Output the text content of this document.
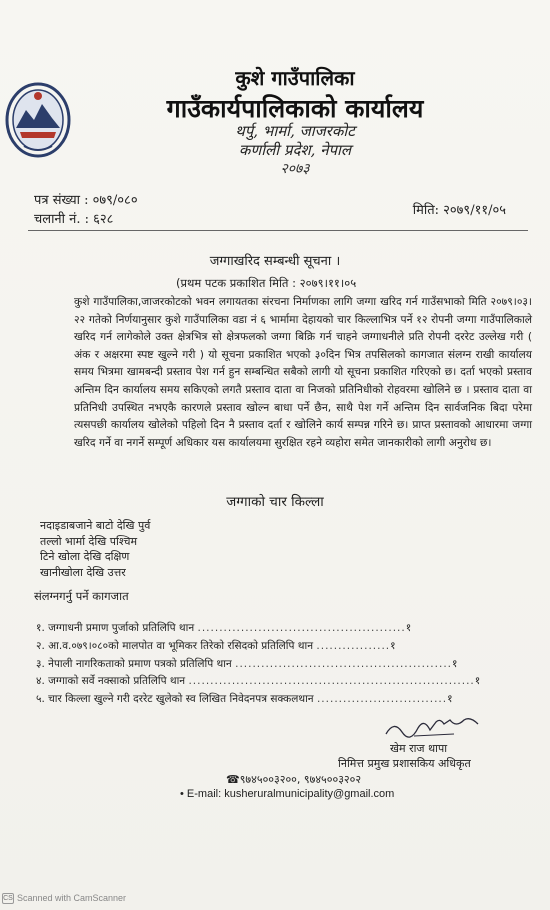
कुशे गाउँपालिका
गाउँकार्यपालिकाको कार्यालय
थर्पु, भार्मा, जाजरकोट
कर्णाली प्रदेश, नेपाल
२०७३
पत्र संख्या : ०७९/०८०
चलानी नं. : ६२८
मिति: २०७९/११/०५
जग्गाखरिद सम्बन्धी सूचना ।
(प्रथम पटक प्रकाशित मिति : २०७९।११।०५
कुशे गाउँपालिका,जाजरकोटको भवन लगायतका संरचना निर्माणका लागि जग्गा खरिद गर्न गाउँसभाको मिति २०७९।०३।२२ गतेको निर्णयानुसार कुशे गाउँपालिका वडा नं ६ भार्मामा देहायको चार किल्लाभित्र पर्ने १२ रोपनी जग्गा गाउँपालिकाले खरिद गर्न लागेकोले उक्त क्षेत्रभित्र सो क्षेत्रफलको जग्गा बिक्रि गर्न चाहने जग्गाधनीले प्रति रोपनी दररेट उल्लेख गरी ( अंक र अक्षरमा स्पष्ट खुल्ने गरी ) यो सूचना प्रकाशित भएको ३०दिन भित्र तपसिलको कागजात संलग्न राखी कार्यालय समय भित्रमा खामबन्दी प्रस्ताव पेश गर्न हुन सम्बन्धित सबैको लागी यो सूचना प्रकाशित गरिएको छ। दर्ता भएको प्रस्ताव अन्तिम दिन कार्यालय समय सकिएको लगतै प्रस्ताव दाता वा निजको प्रतिनिधीको रोहवरमा खोलिने छ । प्रस्ताव दाता वा प्रतिनिधी उपस्थित नभएकै कारणले प्रस्ताव खोल्न बाधा पर्ने छैन, साथै पेश गर्ने अन्तिम दिन सार्वजनिक बिदा परेमा त्यसपछी कार्यालय खोलेको पहिलो दिन नै प्रस्ताव दर्ता र खोलिने कार्य सम्पन्न गरिने छ। प्राप्त प्रस्तावको आधारमा जग्गा खरिद गर्ने वा नगर्ने सम्पूर्ण अधिकार यस कार्यालयमा सुरक्षित रहने व्यहोरा समेत जानकारीको लागी अनुरोध छ।
जग्गाको चार किल्ला
नदाइडाबजाने बाटो देखि पुर्व
तल्लो भार्मा देखि पश्चिम
टिने खोला देखि दक्षिण
खानीखोला देखि उत्तर
संलग्नगर्नु पर्ने कागजात
१. जग्गाधनी प्रमाण पुर्जाको प्रतिलिपि थान ................................................१
२. आ.व.०७९।०८०को मालपोत वा भूमिकर तिरेको रसिदको प्रतिलिपि थान .................१
३. नेपाली नागरिकताको प्रमाण पत्रको प्रतिलिपि थान ..................................................१
४. जग्गाको सर्वे नक्साको प्रतिलिपि थान ..................................................................१
५. चार किल्ला खुल्ने गरी दररेट खुलेको स्व लिखित निवेदनपत्र सक्कलथान ..............................१
खेम राज थापा
निमित्त प्रमुख प्रशासकिय अधिकृत
☎९७४५००३२००, ९७४५००३२०२
• E-mail: kusheruralmunicipality@gmail.com
CS Scanned with CamScanner
